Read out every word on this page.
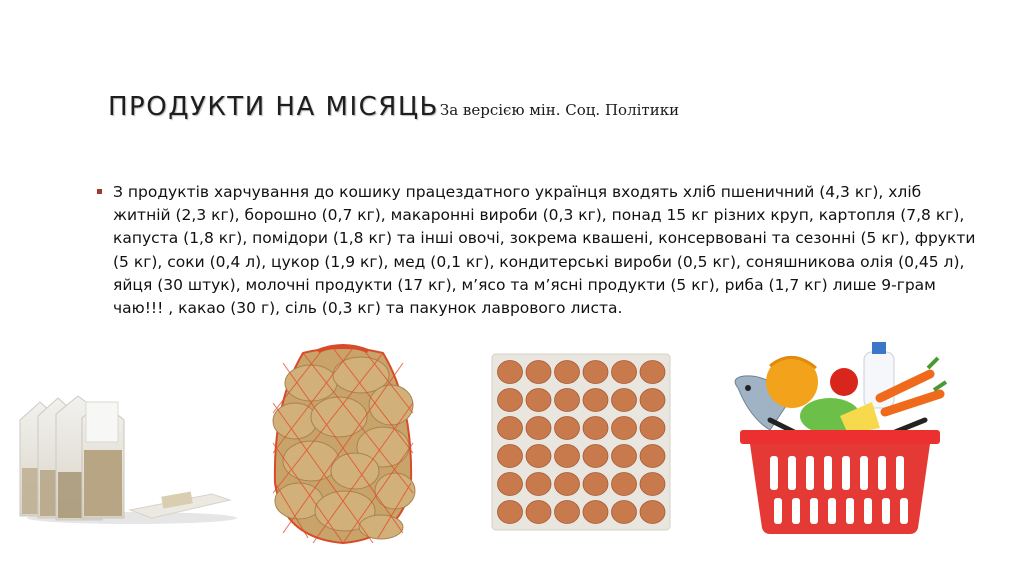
ПРОДУКТИ НА МІСЯЦЬЗа версією мін. Соц. Політики

З продуктів харчування до кошику працездатного українця входять хліб пшеничний (4,3 кг), хліб житній (2,3 кг), борошно (0,7 кг), макаронні вироби (0,3 кг), понад 15 кг різних круп, картопля (7,8 кг), капуста (1,8 кг), помідори (1,8 кг) та інші овочі, зокрема квашені, консервовані та сезонні (5 кг), фрукти (5 кг), соки (0,4 л), цукор (1,9 кг), мед (0,1 кг), кондитерські вироби (0,5 кг), соняшникова олія (0,45 л), яйця (30 штук), молочні продукти (17 кг), м’ясо та м’ясні продукти (5 кг), риба (1,7 кг) лише 9-грам чаю!!! , какао (30 г), сіль (0,3 кг) та пакунок лаврового листа.
